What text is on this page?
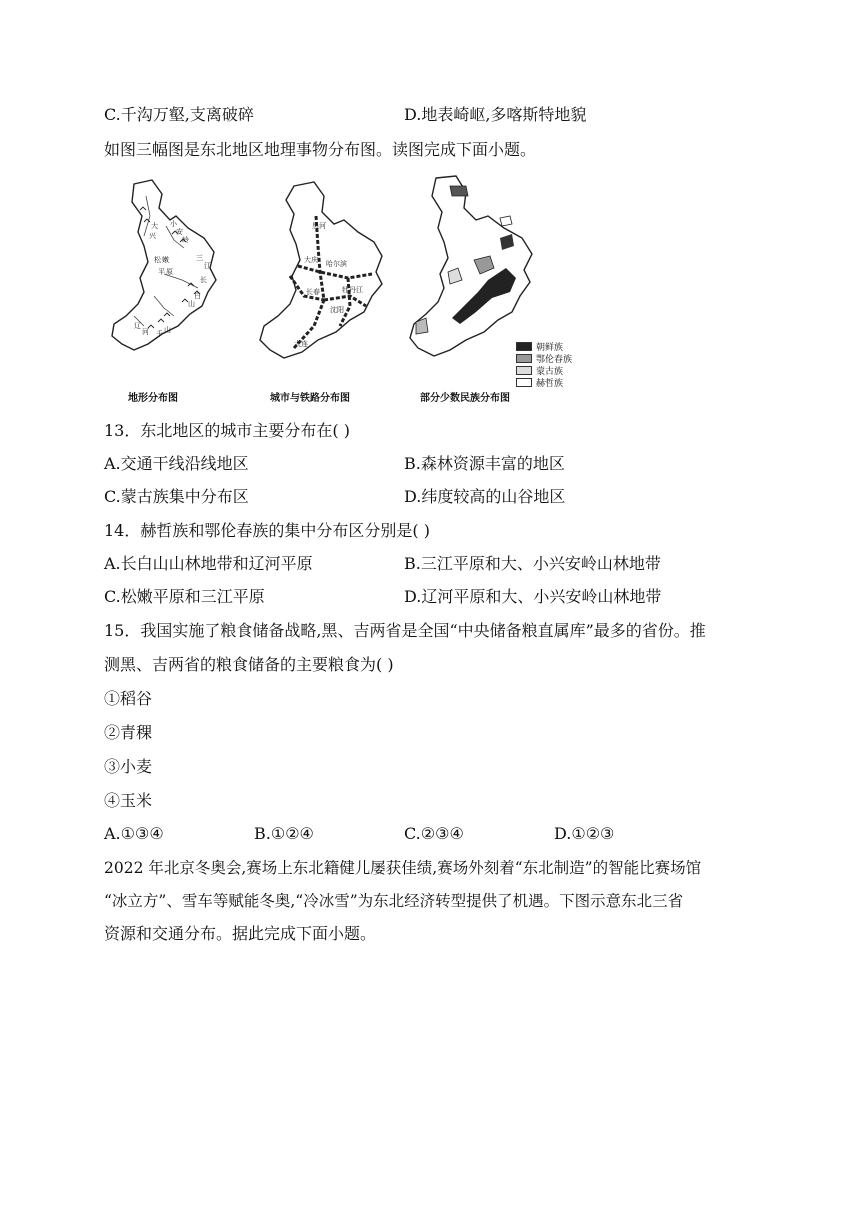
C.千沟万壑,支离破碎	D.地表崎岖,多喀斯特地貌
如图三幅图是东北地区地理事物分布图。读图完成下面小题。
大
兴
小
安
岭
松 嫩
平 原
三
江
长
白
山
辽
河 千 山
地形分布图
黑河
大庆 哈尔滨
长春	牡丹江
沈阳
大连
城市与铁路分布图
朝鲜族
鄂伦春族
蒙古族
赫哲族
部分少数民族分布图
13．东北地区的城市主要分布在( )
A.交通干线沿线地区	B.森林资源丰富的地区
C.蒙古族集中分布区	D.纬度较高的山谷地区
14．赫哲族和鄂伦春族的集中分布区分别是( )
A.长白山山林地带和辽河平原	B.三江平原和大、小兴安岭山林地带
C.松嫩平原和三江平原	D.辽河平原和大、小兴安岭山林地带
15．我国实施了粮食储备战略,黑、吉两省是全国“中央储备粮直属库”最多的省份。推
测黑、吉两省的粮食储备的主要粮食为( )
①稻谷
②青稞
③小麦
④玉米
A.①③④	B.①②④	C.②③④	D.①②③
2022 年北京冬奥会,赛场上东北籍健儿屡获佳绩,赛场外刻着“东北制造”的智能比赛场馆
“冰立方”、雪车等赋能冬奥,“冷冰雪”为东北经济转型提供了机遇。下图示意东北三省
资源和交通分布。据此完成下面小题。
